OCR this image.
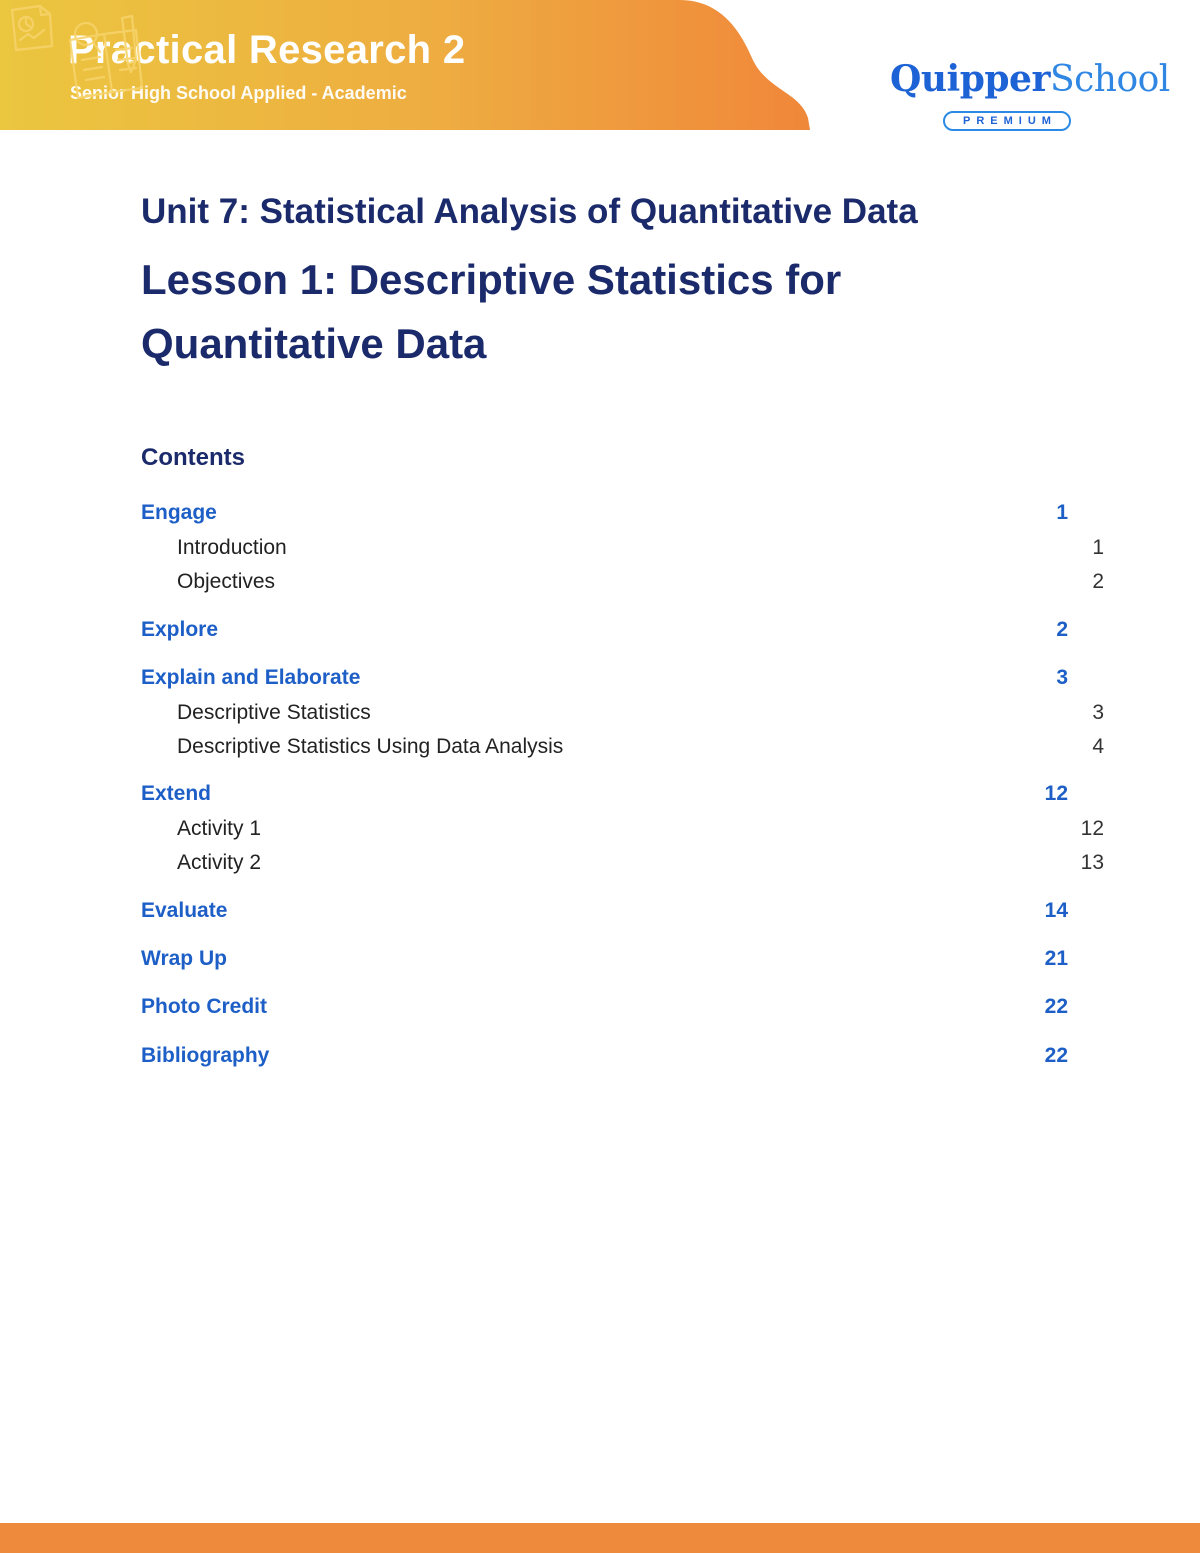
Practical Research 2
Senior High School Applied - Academic	QuipperSchool
PREMIUM
Unit 7: Statistical Analysis of Quantitative Data
Lesson 1: Descriptive Statistics for
Quantitative Data
Contents
Engage	1
Introduction	1
Objectives	2
Explore	2
Explain and Elaborate	3
Descriptive Statistics	3
Descriptive Statistics Using Data Analysis	4
Extend	12
Activity 1	12
Activity 2	13
Evaluate	14
Wrap Up	21
Photo Credit	22
Bibliography	22
